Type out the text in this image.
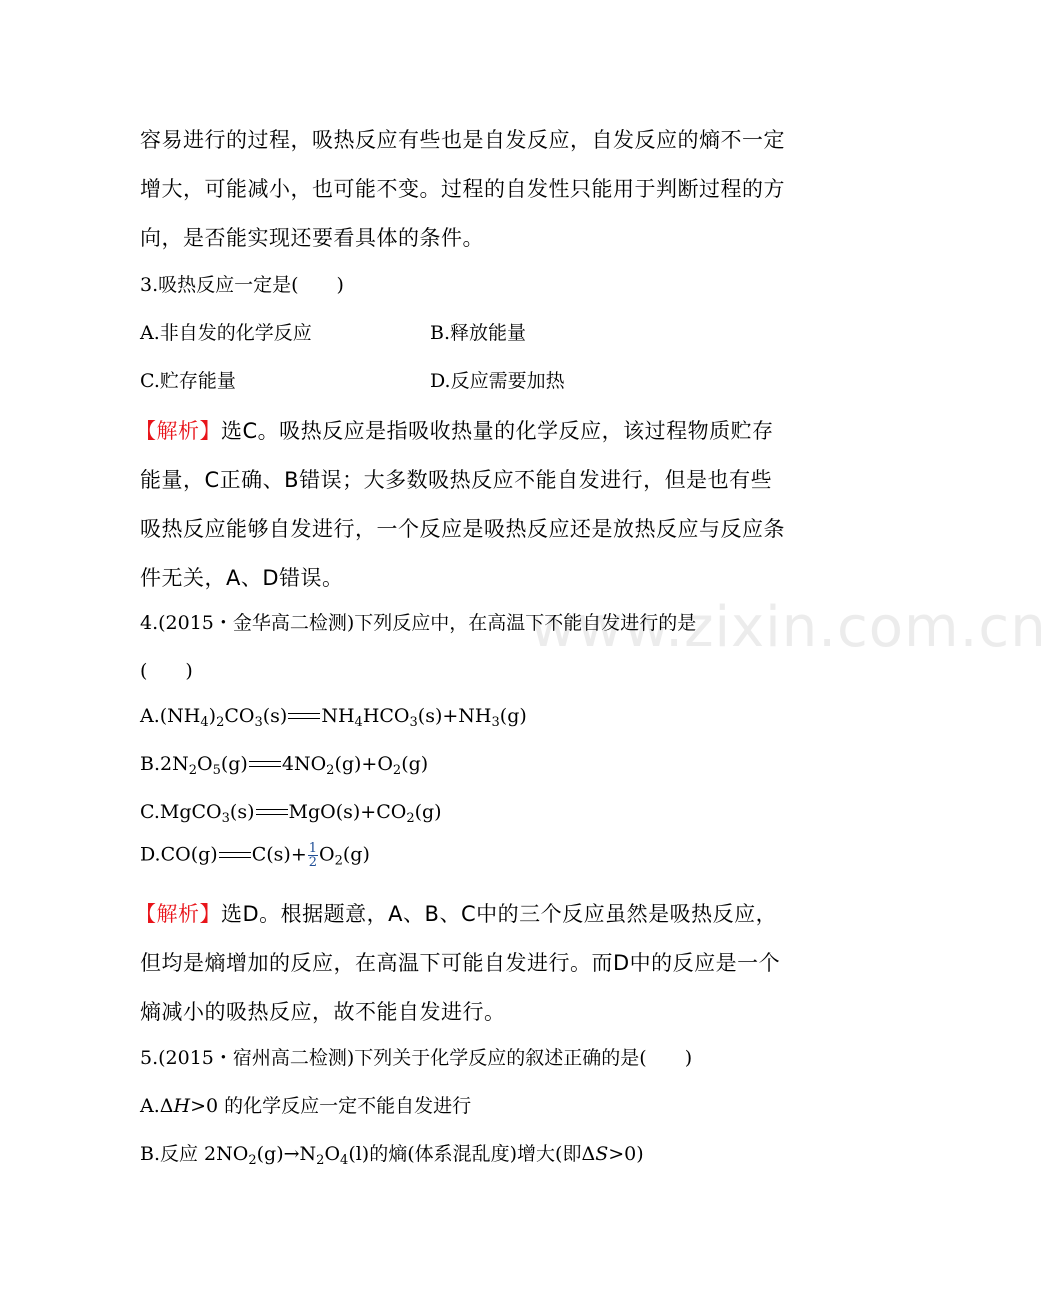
容易进行的过程，吸热反应有些也是自发反应，自发反应的熵不一定
增大，可能减小，也可能不变。过程的自发性只能用于判断过程的方
向，是否能实现还要看具体的条件。
3.吸热反应一定是(　　)
A.非自发的化学反应	B.释放能量
C.贮存能量	D.反应需要加热
【解析】选C。吸热反应是指吸收热量的化学反应，该过程物质贮存
能量，C正确、B错误；大多数吸热反应不能自发进行，但是也有些
吸热反应能够自发进行，一个反应是吸热反应还是放热反应与反应条
件无关，A、D错误。
www.zixin.com.cn
4.(2015・金华高二检测)下列反应中，在高温下不能自发进行的是
(　　)
$A.(NH_4)_2CO_3(s)$ $NH_4HCO_3(s)+NH_3(g)$
$B.2N_2O_5(g)$ $4NO_2(g)+O_2(g)$
C.MgCO$_3$(s) $MgO(s)+CO_2(g)$
D.CO(g) $C(s)+ \frac{1}{2} O_2(g)$
【解析】选D。根据题意，A、B、C中的三个反应虽然是吸热反应，
但均是熵增加的反应，在高温下可能自发进行。而D中的反应是一个
熵减小的吸热反应，故不能自发进行。
5.(2015・宿州高二检测)下列关于化学反应的叙述正确的是(　　)
A.ΔH>0 的化学反应一定不能自发进行
B.反应 $2NO_2(g)\to N_2O_4(l)$的熵(体系混乱度)增大(即ΔS>0)
